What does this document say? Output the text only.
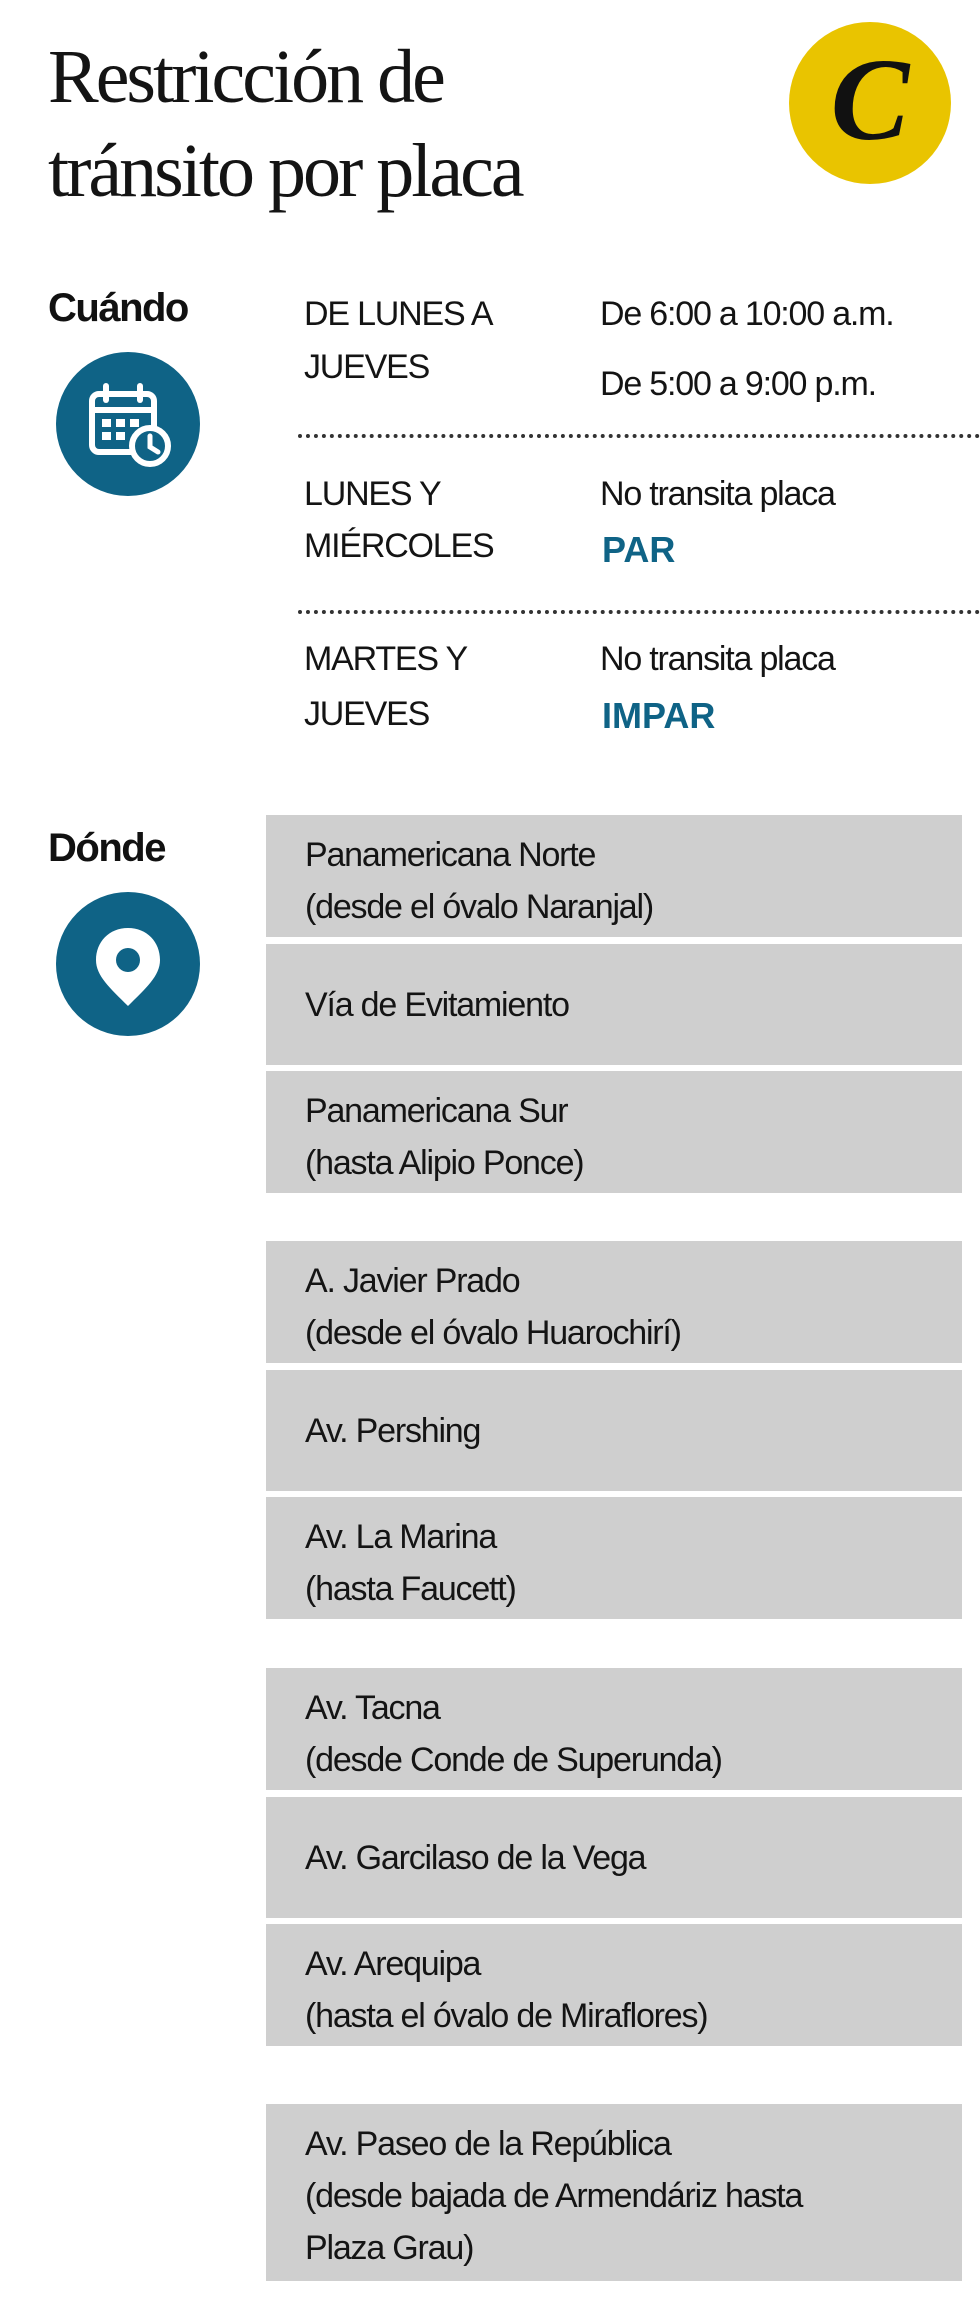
Restricción de
tránsito por placa
C
Cuándo	DE LUNES A
JUEVES
De 6:00 a 10:00 a.m.
De 5:00 a 9:00 p.m.
LUNES Y
MIÉRCOLES
No transita placa
PAR
MARTES Y
JUEVES
No transita placa
IMPAR
Dónde	Panamericana Norte
(desde el óvalo Naranjal)
Vía de Evitamiento
Panamericana Sur
(hasta Alipio Ponce)
A. Javier Prado
(desde el óvalo Huarochirí)
Av. Pershing
Av. La Marina
(hasta Faucett)
Av. Tacna
(desde Conde de Superunda)
Av. Garcilaso de la Vega
Av. Arequipa
(hasta el óvalo de Miraflores)
Av. Paseo de la República
(desde bajada de Armendáriz hasta
Plaza Grau)
